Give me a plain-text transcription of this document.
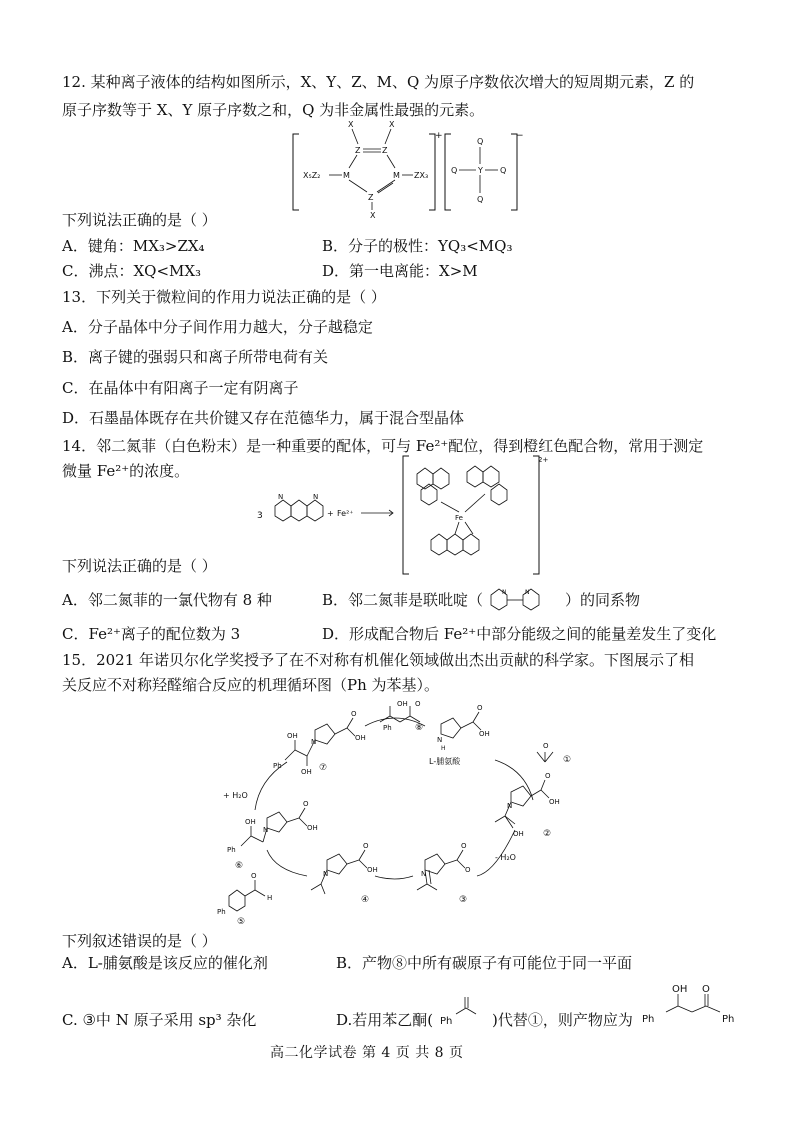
12. 某种离子液体的结构如图所示，X、Y、Z、M、Q 为原子序数依次增大的短周期元素，Z 的
原子序数等于 X、Y 原子序数之和，Q 为非金属性最强的元素。
+
X	X
Z	Z
M	M
Z
X
X₅Z₂	ZX₃
−
Q
Q
Q	Q
Y
下列说法正确的是（ ）
A．键角：MX₃>ZX₄	B．分子的极性：YQ₃<MQ₃
C．沸点：XQ<MX₃	D．第一电离能：X>M
13．下列关于微粒间的作用力说法正确的是（ ）
A．分子晶体中分子间作用力越大，分子越稳定
B．离子键的强弱只和离子所带电荷有关
C．在晶体中有阳离子一定有阴离子
D．石墨晶体既存在共价键又存在范德华力，属于混合型晶体
14．邻二氮菲（白色粉末）是一种重要的配体，可与 Fe²⁺配位，得到橙红色配合物，常用于测定
微量 Fe²⁺的浓度。
3
N	N
+ Fe²⁺
2+
Fe
下列说法正确的是（ ）
A．邻二氮菲的一氯代物有 8 种	B．邻二氮菲是联吡啶（	N	N ）的同系物
C．Fe²⁺离子的配位数为 3	D．形成配合物后 Fe²⁺中部分能级之间的能量差发生了变化
15．2021 年诺贝尔化学奖授予了在不对称有机催化领域做出杰出贡献的科学家。下图展示了相
关反应不对称羟醛缩合反应的机理循环图（Ph 为苯基）。
Ph
OH O
⑧
N
O
OH
OH
OH
Ph	⑦
N
H
O
OH
L-脯氨酸
O
①
N
O
OH
OH ②
- H₂O
N
O
O
③
N
O
OH
④
O
H
Ph
⑤
N
O
OH
OH
Ph
⑥
+ H₂O
下列叙述错误的是（ ）
A．L-脯氨酸是该反应的催化剂	B．产物⑧中所有碳原子有可能位于同一平面
C. ③中 N 原子采用 sp³ 杂化	D.若用苯乙酮( Ph	)代替①，则产物应为
OH O
Ph	Ph
高二化学试卷 第 4 页 共 8 页
